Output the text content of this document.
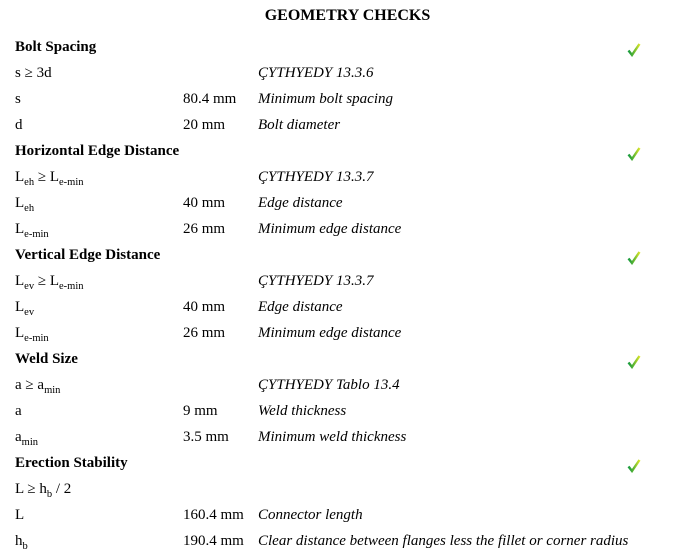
GEOMETRY CHECKS
Bolt Spacing
s ≥ 3d	ÇYTHYEDY 13.3.6
s	80.4 mm	Minimum bolt spacing
d	20 mm	Bolt diameter
Horizontal Edge Distance
$L_{eh} \ge L_{e-min}$	ÇYTHYEDY 13.3.7
$L_{eh}$	40 mm	Edge distance
$L_{e-min}$	26 mm	Minimum edge distance
Vertical Edge Distance
$L_{ev} \ge L_{e-min}$	ÇYTHYEDY 13.3.7
$L_{ev}$	40 mm	Edge distance
$L_{e-min}$	26 mm	Minimum edge distance
Weld Size
$a \ge a_{min}$	ÇYTHYEDY Tablo 13.4
a	9 mm	Weld thickness
$a_{min}$	3.5 mm	Minimum weld thickness
Erection Stability
$L \ge h_b / 2$
L	160.4 mm Connector length
$h_b$	190.4 mm Clear distance between flanges less the fillet or corner radius
